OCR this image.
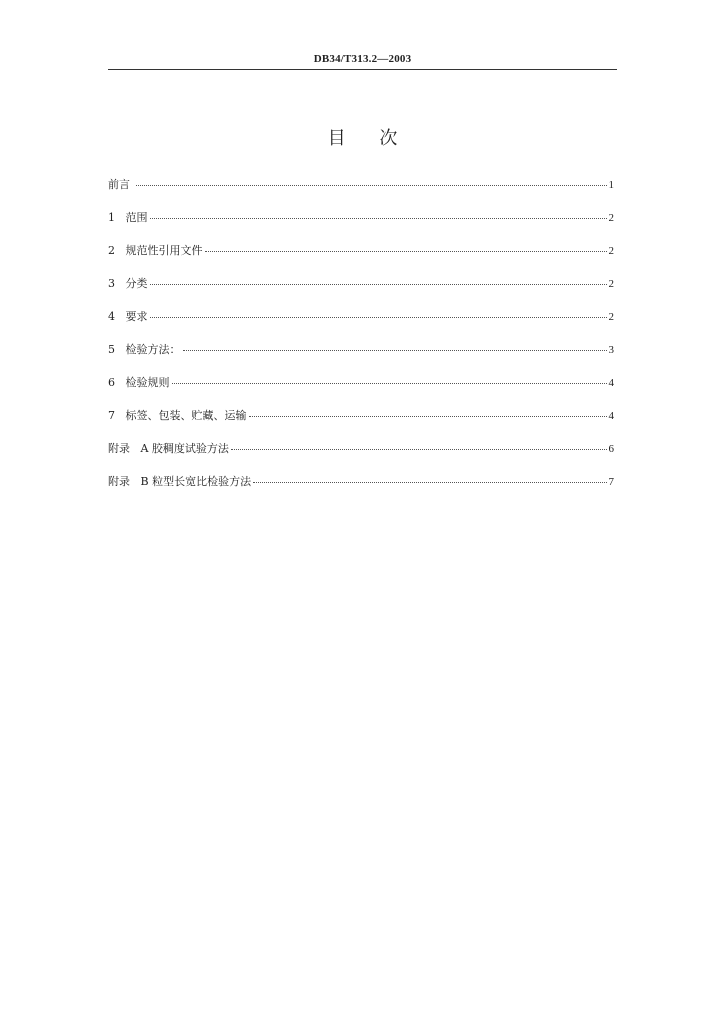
DB34/T313.2—2003
目 次
前言	1
1   范围	2
2   规范性引用文件	2
3   分类	2
4   要求	2
5   检验方法：	3
6   检验规则	4
7   标签、包装、贮藏、运输	4
附录   A 胶稠度试验方法	6
附录   B 粒型长宽比检验方法	7
